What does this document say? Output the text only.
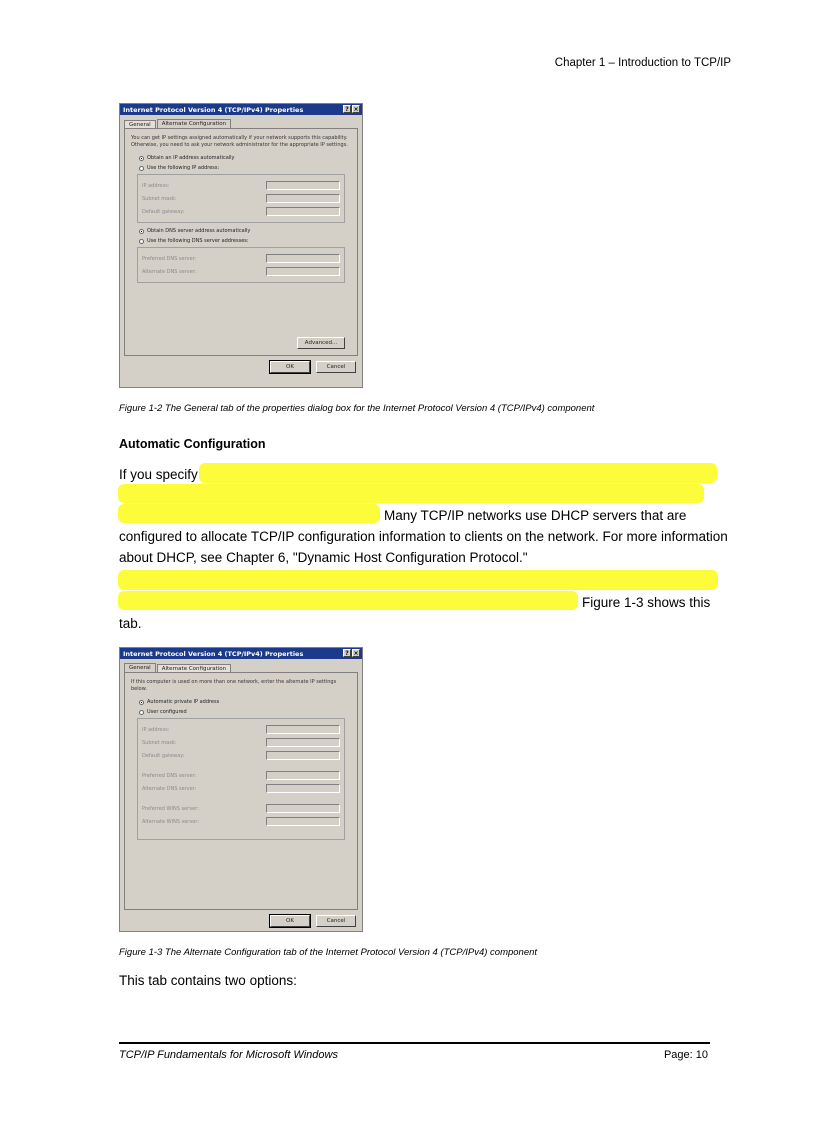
Chapter 1 – Introduction to TCP/IP
Internet Protocol Version 4 (TCP/IPv4) Properties	? ×
General	Alternate Configuration
You can get IP settings assigned automatically if your network supports this capability. Otherwise, you need to ask your network administrator for the appropriate IP settings.
Obtain an IP address automatically
Use the following IP address:
IP address:
Subnet mask:
Default gateway:
Obtain DNS server address automatically
Use the following DNS server addresses:
Preferred DNS server:
Alternate DNS server:
Advanced...
OK	Cancel
Figure 1-2 The General tab of the properties dialog box for the Internet Protocol Version 4 (TCP/IPv4) component
Automatic Configuration
If you specify
Many TCP/IP networks use DHCP servers that are
configured to allocate TCP/IP configuration information to clients on the network. For more information
about DHCP, see Chapter 6, "Dynamic Host Configuration Protocol."
Figure 1-3 shows this
tab.
Internet Protocol Version 4 (TCP/IPv4) Properties	? ×
General	Alternate Configuration
If this computer is used on more than one network, enter the alternate IP settings below.
Automatic private IP address
User configured
IP address:
Subnet mask:
Default gateway:
Preferred DNS server:
Alternate DNS server:
Preferred WINS server:
Alternate WINS server:
OK	Cancel
Figure 1-3 The Alternate Configuration tab of the Internet Protocol Version 4 (TCP/IPv4) component
This tab contains two options:
TCP/IP Fundamentals for Microsoft Windows	Page: 10
